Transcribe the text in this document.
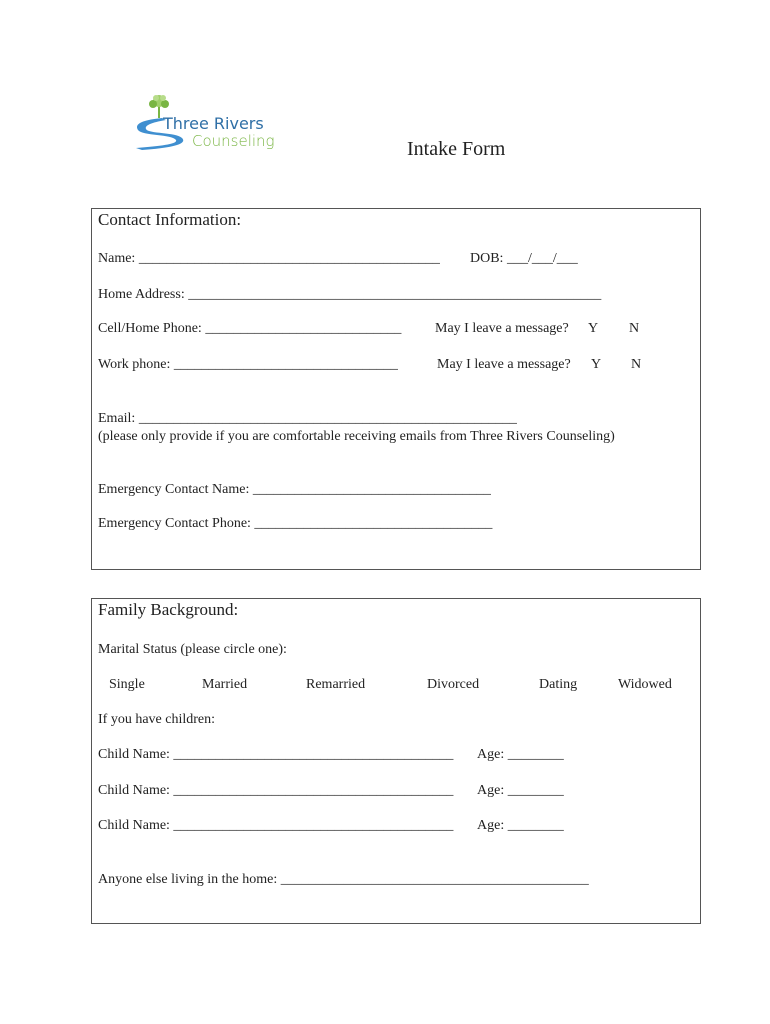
Three Rivers
Counseling	Intake Form
Contact Information:
Name: ___________________________________________ DOB: ___/___/___
Home Address: ___________________________________________________________
Cell/Home Phone: ____________________________ May I leave a message? Y N
Work phone: ________________________________	May I leave a message? Y N
Email: ______________________________________________________
(please only provide if you are comfortable receiving emails from Three Rivers Counseling)
Emergency Contact Name: __________________________________
Emergency Contact Phone: __________________________________
Family Background:
Marital Status (please circle one):
Single	Married	Remarried	Divorced	Dating	Widowed
If you have children:
Child Name: ________________________________________ Age: ________
Child Name: ________________________________________ Age: ________
Child Name: ________________________________________ Age: ________
Anyone else living in the home: ____________________________________________
